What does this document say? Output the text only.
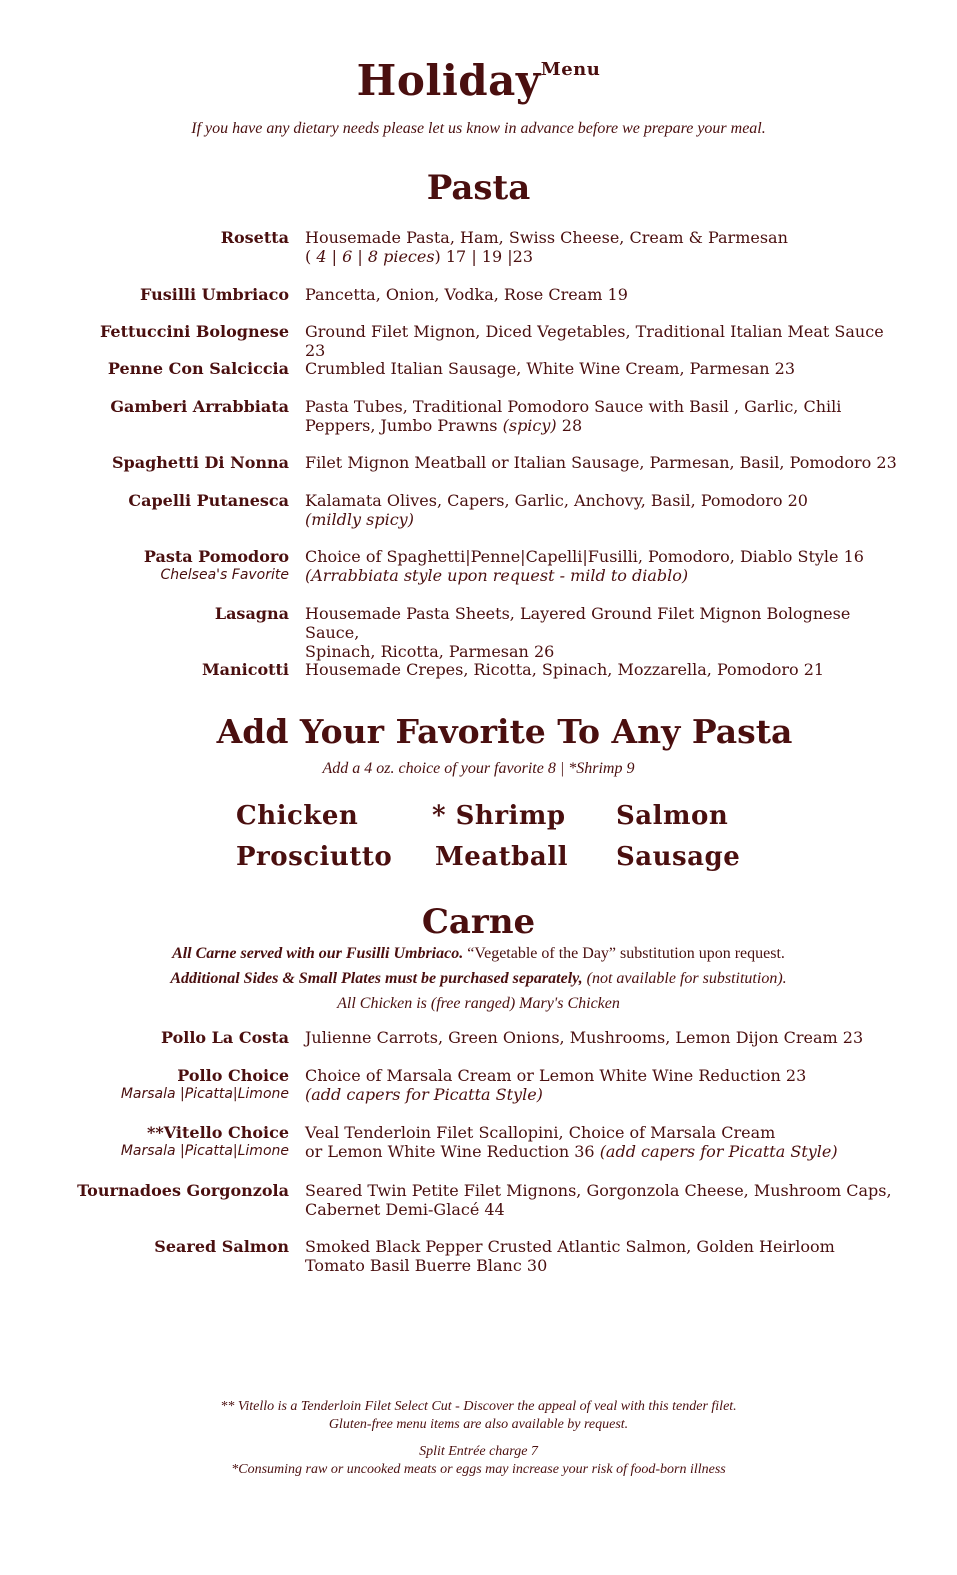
Holiday$^{Menu}$
If you have any dietary needs please let us know in advance before we prepare your meal.
Pasta
Rosetta Housemade Pasta, Ham, Swiss Cheese, Cream & Parmesan
( 4 | 6 | 8 pieces) 17 | 19 |23
Fusilli Umbriaco Pancetta, Onion, Vodka, Rose Cream 19
Fettuccini Bolognese Ground Filet Mignon, Diced Vegetables, Traditional Italian Meat Sauce 23
Penne Con Salciccia Crumbled Italian Sausage, White Wine Cream, Parmesan 23
Gamberi Arrabbiata Pasta Tubes, Traditional Pomodoro Sauce with Basil , Garlic, Chili
Peppers, Jumbo Prawns (spicy) 28
Spaghetti Di Nonna Filet Mignon Meatball or Italian Sausage, Parmesan, Basil, Pomodoro 23
Capelli Putanesca Kalamata Olives, Capers, Garlic, Anchovy, Basil, Pomodoro 20
(mildly spicy)
Pasta Pomodoro
Chelsea's Favorite
Choice of Spaghetti|Penne|Capelli|Fusilli, Pomodoro, Diablo Style 16
(Arrabbiata style upon request - mild to diablo)
Lasagna Housemade Pasta Sheets, Layered Ground Filet Mignon Bolognese Sauce,
Spinach, Ricotta, Parmesan 26
Manicotti Housemade Crepes, Ricotta, Spinach, Mozzarella, Pomodoro 21
Add Your Favorite To Any Pasta
Add a 4 oz. choice of your favorite 8 | *Shrimp 9
Chicken	* Shrimp Salmon
Prosciutto Meatball Sausage
Carne
All Carne served with our Fusilli Umbriaco. “Vegetable of the Day” substitution upon request.
Additional Sides & Small Plates must be purchased separately, (not available for substitution).
All Chicken is (free ranged) Mary's Chicken
Pollo La Costa Julienne Carrots, Green Onions, Mushrooms, Lemon Dijon Cream 23
Pollo Choice
Marsala |Picatta|Limone
Choice of Marsala Cream or Lemon White Wine Reduction 23
(add capers for Picatta Style)
**Vitello Choice
Marsala |Picatta|Limone
Veal Tenderloin Filet Scallopini, Choice of Marsala Cream
or Lemon White Wine Reduction 36 (add capers for Picatta Style)
Tournadoes Gorgonzola Seared Twin Petite Filet Mignons, Gorgonzola Cheese, Mushroom Caps,
Cabernet Demi-Glacé 44
Seared Salmon Smoked Black Pepper Crusted Atlantic Salmon, Golden Heirloom
Tomato Basil Buerre Blanc 30
** Vitello is a Tenderloin Filet Select Cut - Discover the appeal of veal with this tender filet.
Gluten-free menu items are also available by request.
Split Entrée charge 7
*Consuming raw or uncooked meats or eggs may increase your risk of food-born illness
